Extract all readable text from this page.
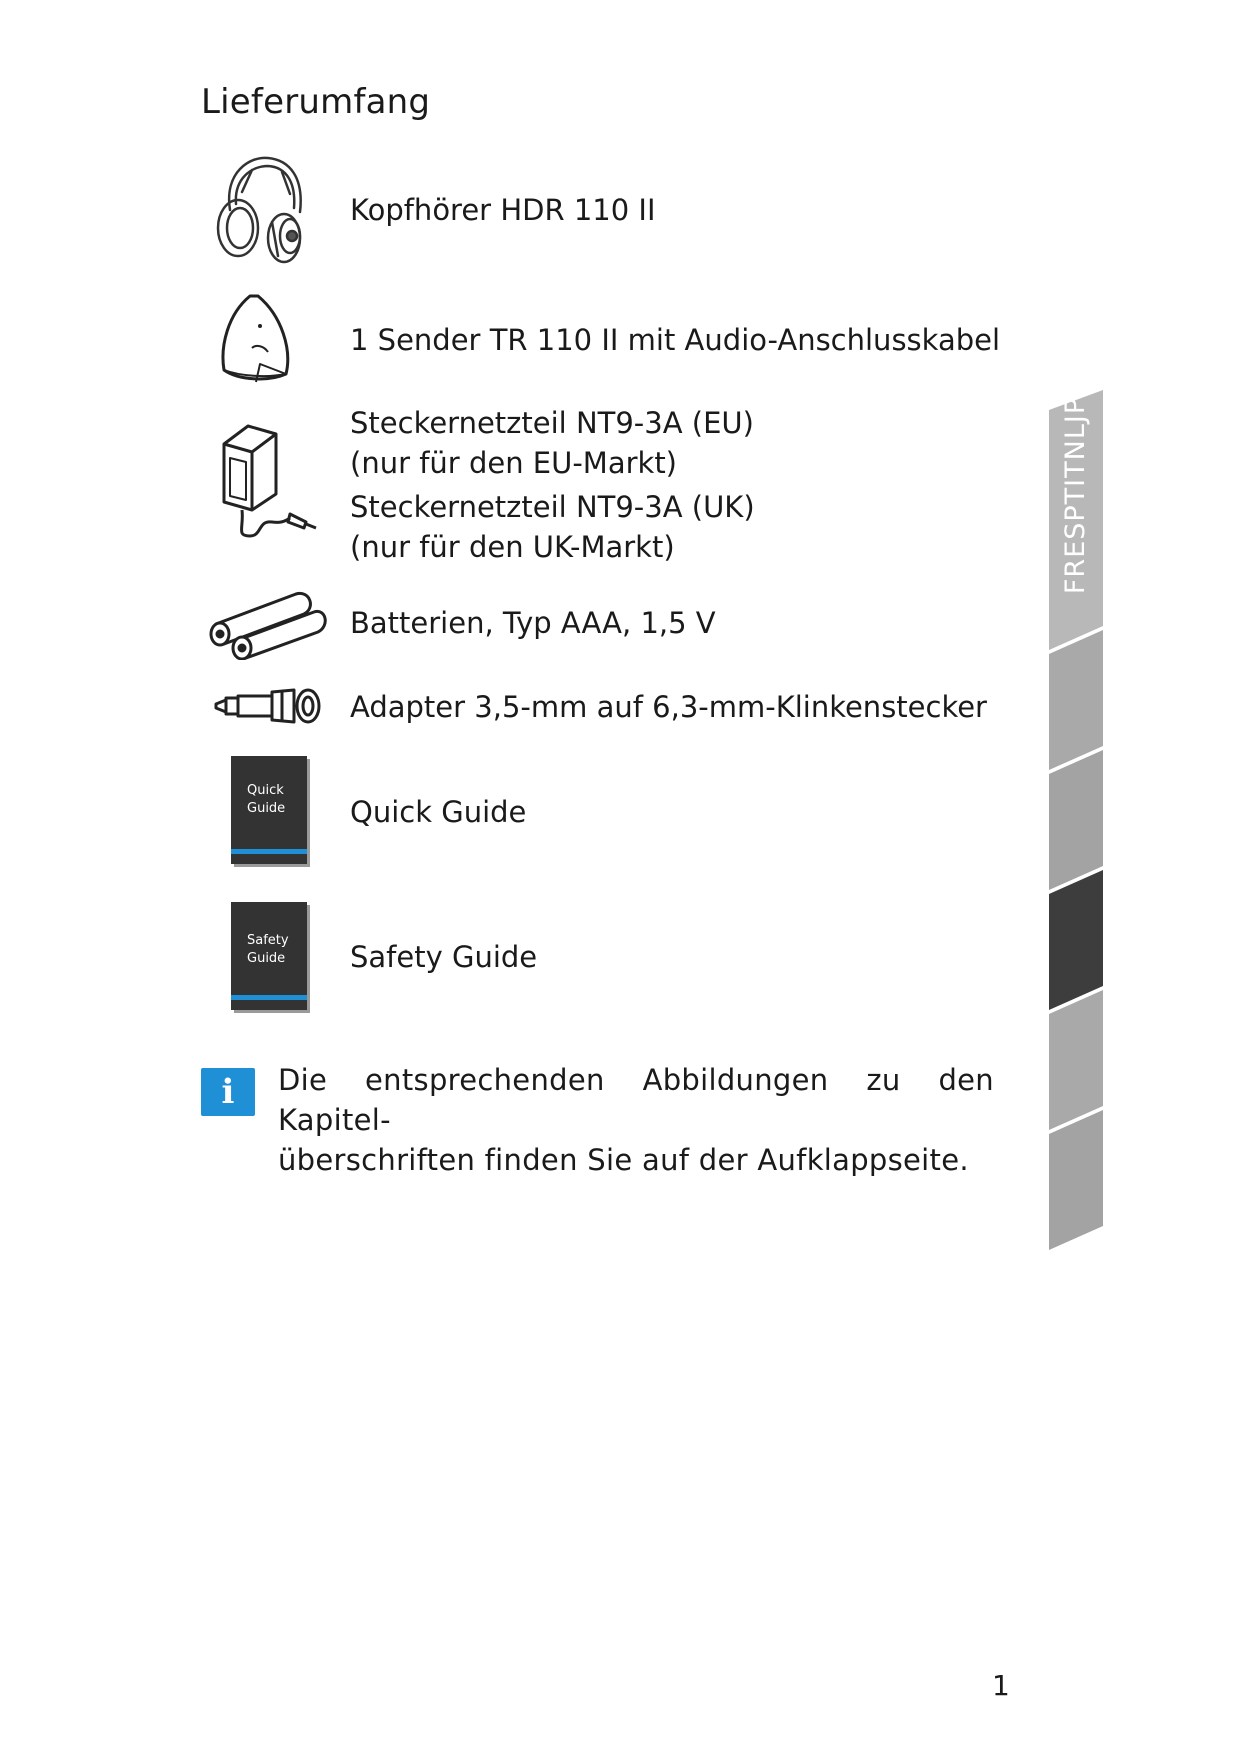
Lieferumfang

Kopfhörer HDR 110 II

1 Sender TR 110 II mit Audio-Anschlusskabel

Steckernetzteil NT9-3A (EU)

(nur für den EU-Markt)

Steckernetzteil NT9-3A (UK)

(nur für den UK-Markt)

Batterien, Typ AAA, 1,5 V

Adapter 3,5-mm auf 6,3-mm-Klinkenstecker

Quick
Guide Quick Guide

Safety
Guide Safety Guide

i	Die entsprechenden Abbildungen zu den Kapitel-
überschriften finden Sie auf der Aufklappseite.

FRESPTITNLJP

1
